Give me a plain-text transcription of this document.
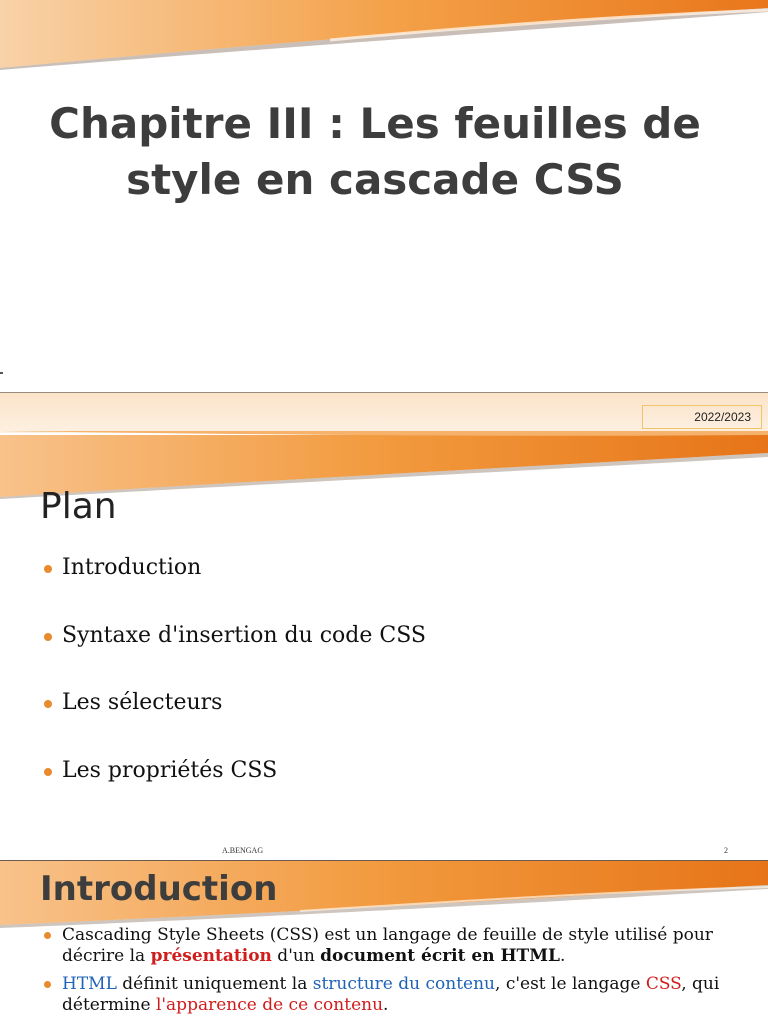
Chapitre III : Les feuilles de style en cascade CSS
2022/2023
Plan
Introduction
Syntaxe d'insertion du code CSS
Les sélecteurs
Les propriétés CSS
A.BENGAG	2
Introduction
Cascading Style Sheets (CSS) est un langage de feuille de style utilisé pour décrire la présentation d'un document écrit en HTML.
HTML définit uniquement la structure du contenu, c'est le langage CSS, qui détermine l'apparence de ce contenu.
